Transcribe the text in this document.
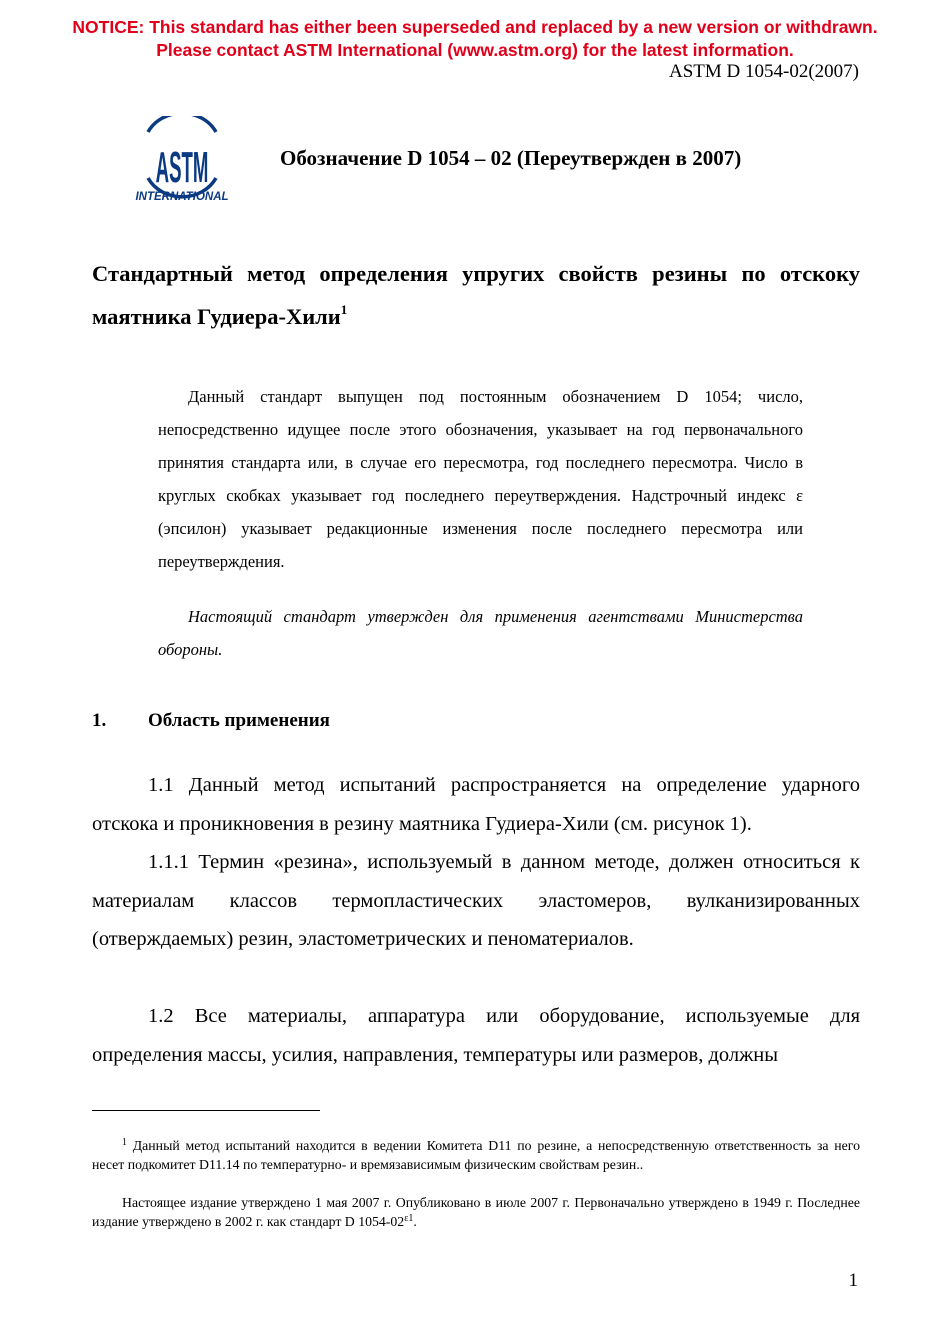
NOTICE: This standard has either been superseded and replaced by a new version or withdrawn.
Please contact ASTM International (www.astm.org) for the latest information.
ASTM D 1054-02(2007)
ASTM
INTERNATIONAL
Обозначение D 1054 – 02 (Переутвержден в 2007)
Стандартный метод определения упругих свойств резины по отскоку маятника Гудиера-Хили$^1$

Данный стандарт выпущен под постоянным обозначением D 1054; число, непосредственно идущее после этого обозначения, указывает на год первоначального принятия стандарта или, в случае его пересмотра, год последнего пересмотра. Число в круглых скобках указывает год последнего переутверждения. Надстрочный индекс ε (эпсилон) указывает редакционные изменения после последнего пересмотра или переутверждения.

Настоящий стандарт утвержден для применения агентствами Министерства обороны.

1. Область применения

1.1 Данный метод испытаний распространяется на определение ударного отскока и проникновения в резину маятника Гудиера-Хили (см. рисунок 1).

1.1.1 Термин «резина», используемый в данном методе, должен относиться к материалам классов термопластических эластомеров, вулканизированных (отверждаемых) резин, эластометрических и пеноматериалов.

1.2 Все материалы, аппаратура или оборудование, используемые для определения массы, усилия, направления, температуры или размеров, должны

$^1$ Данный метод испытаний находится в ведении Комитета D11 по резине, а непосредственную ответственность за него несет подкомитет D11.14 по температурно- и времязависимым физическим свойствам резин..

Настоящее издание утверждено 1 мая 2007 г. Опубликовано в июле 2007 г. Первоначально утверждено в 1949 г. Последнее издание утверждено в 2002 г. как стандарт D $1054-02^{\varepsilon 1}$.

1
